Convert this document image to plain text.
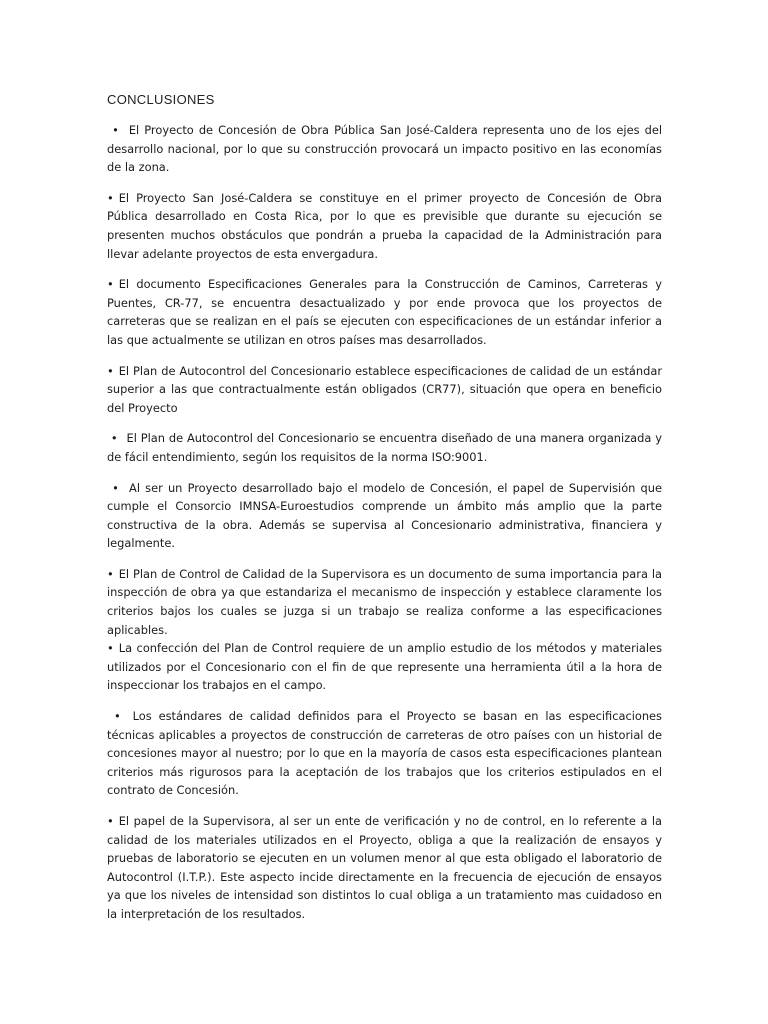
CONCLUSIONES

• El Proyecto de Concesión de Obra Pública San José-Caldera representa uno de los ejes del desarrollo nacional, por lo que su construcción provocará un impacto positivo en las economías de la zona.

• El Proyecto San José-Caldera se constituye en el primer proyecto de Concesión de Obra Pública desarrollado en Costa Rica, por lo que es previsible que durante su ejecución se presenten muchos obstáculos que pondrán a prueba la capacidad de la Administración para llevar adelante proyectos de esta envergadura.

• El documento Especificaciones Generales para la Construcción de Caminos, Carreteras y Puentes, CR-77, se encuentra desactualizado y por ende provoca que los proyectos de carreteras que se realizan en el país se ejecuten con especificaciones de un estándar inferior a las que actualmente se utilizan en otros países mas desarrollados.

• El Plan de Autocontrol del Concesionario establece especificaciones de calidad de un estándar superior a las que contractualmente están obligados (CR77), situación que opera en beneficio del Proyecto

• El Plan de Autocontrol del Concesionario se encuentra diseñado de una manera organizada y de fácil entendimiento, según los requisitos de la norma ISO:9001.

• Al ser un Proyecto desarrollado bajo el modelo de Concesión, el papel de Supervisión que cumple el Consorcio IMNSA-Euroestudios comprende un ámbito más amplio que la parte constructiva de la obra. Además se supervisa al Concesionario administrativa, financiera y legalmente.

• El Plan de Control de Calidad de la Supervisora es un documento de suma importancia para la inspección de obra ya que estandariza el mecanismo de inspección y establece claramente los criterios bajos los cuales se juzga si un trabajo se realiza conforme a las especificaciones aplicables.

• La confección del Plan de Control requiere de un amplio estudio de los métodos y materiales utilizados por el Concesionario con el fin de que represente una herramienta útil a la hora de inspeccionar los trabajos en el campo.

• Los estándares de calidad definidos para el Proyecto se basan en las especificaciones técnicas aplicables a proyectos de construcción de carreteras de otro países con un historial de concesiones mayor al nuestro; por lo que en la mayoría de casos esta especificaciones plantean criterios más rigurosos para la aceptación de los trabajos que los criterios estipulados en el contrato de Concesión.

• El papel de la Supervisora, al ser un ente de verificación y no de control, en lo referente a la calidad de los materiales utilizados en el Proyecto, obliga a que la realización de ensayos y pruebas de laboratorio se ejecuten en un volumen menor al que esta obligado el laboratorio de Autocontrol (I.T.P.). Este aspecto incide directamente en la frecuencia de ejecución de ensayos ya que los niveles de intensidad son distintos lo cual obliga a un tratamiento mas cuidadoso en la interpretación de los resultados.
